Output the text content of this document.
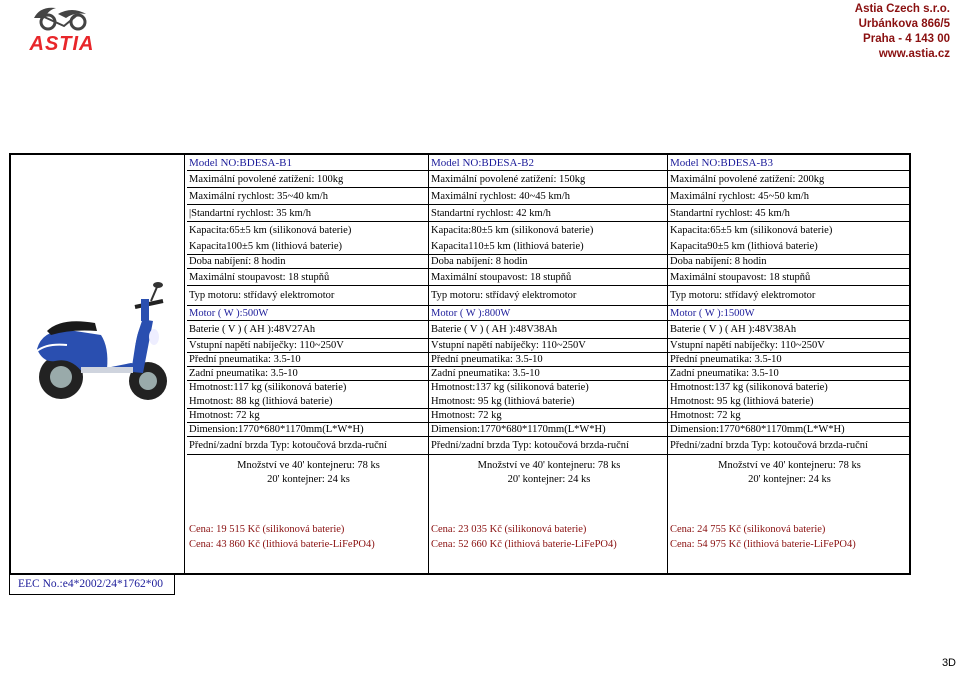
ASTIA
Astia Czech s.r.o.
Urbánkova 866/5
Praha - 4 143 00
www.astia.cz
Model NO:BDESA-B1
Maximální povolené zatížení: 100kg
Maximální rychlost: 35~40 km/h
|Standartní rychlost: 35 km/h
Kapacita:65±5 km (silikonová baterie)
Kapacita100±5 km (lithiová baterie)
Doba nabíjení: 8 hodin
Maximální stoupavost: 18 stupňů
Typ motoru: střídavý elektromotor
Motor ( W ):500W
Baterie ( V ) ( AH ):48V27Ah
Vstupní napětí nabíječky: 110~250V
Přední pneumatika: 3.5-10
Zadní pneumatika: 3.5-10
Hmotnost:117 kg (silikonová baterie)
Hmotnost: 88 kg (lithiová baterie)
Hmotnost: 72 kg
Dimension:1770*680*1170mm(L*W*H)
Přední/zadní brzda Typ: kotoučová brzda-ruční
Množství ve 40' kontejneru: 78 ks
20' kontejner: 24 ks
Cena: 19 515 Kč (silikonová baterie)
Cena: 43 860 Kč (lithiová baterie-LiFePO4)
Model NO:BDESA-B2
Maximální povolené zatížení: 150kg
Maximální rychlost: 40~45 km/h
Standartní rychlost: 42 km/h
Kapacita:80±5 km (silikonová baterie)
Kapacita110±5 km (lithiová baterie)
Doba nabíjení: 8 hodin
Maximální stoupavost: 18 stupňů
Typ motoru: střídavý elektromotor
Motor ( W ):800W
Baterie ( V ) ( AH ):48V38Ah
Vstupní napětí nabíječky: 110~250V
Přední pneumatika: 3.5-10
Zadní pneumatika: 3.5-10
Hmotnost:137 kg (silikonová baterie)
Hmotnost: 95 kg (lithiová baterie)
Hmotnost: 72 kg
Dimension:1770*680*1170mm(L*W*H)
Přední/zadní brzda Typ: kotoučová brzda-ruční
Množství ve 40' kontejneru: 78 ks
20' kontejner: 24 ks
Cena: 23 035 Kč (silikonová baterie)
Cena: 52 660 Kč (lithiová baterie-LiFePO4)
Model NO:BDESA-B3
Maximální povolené zatížení: 200kg
Maximální rychlost: 45~50 km/h
Standartní rychlost: 45 km/h
Kapacita:65±5 km (silikonová baterie)
Kapacita90±5 km (lithiová baterie)
Doba nabíjení: 8 hodin
Maximální stoupavost: 18 stupňů
Typ motoru: střídavý elektromotor
Motor ( W ):1500W
Baterie ( V ) ( AH ):48V38Ah
Vstupní napětí nabíječky: 110~250V
Přední pneumatika: 3.5-10
Zadní pneumatika: 3.5-10
Hmotnost:137 kg (silikonová baterie)
Hmotnost: 95 kg (lithiová baterie)
Hmotnost: 72 kg
Dimension:1770*680*1170mm(L*W*H)
Přední/zadní brzda Typ: kotoučová brzda-ruční
Množství ve 40' kontejneru: 78 ks
20' kontejner: 24 ks
Cena: 24 755 Kč (silikonová baterie)
Cena: 54 975 Kč (lithiová baterie-LiFePO4)
EEC No.:e4*2002/24*1762*00
3D
